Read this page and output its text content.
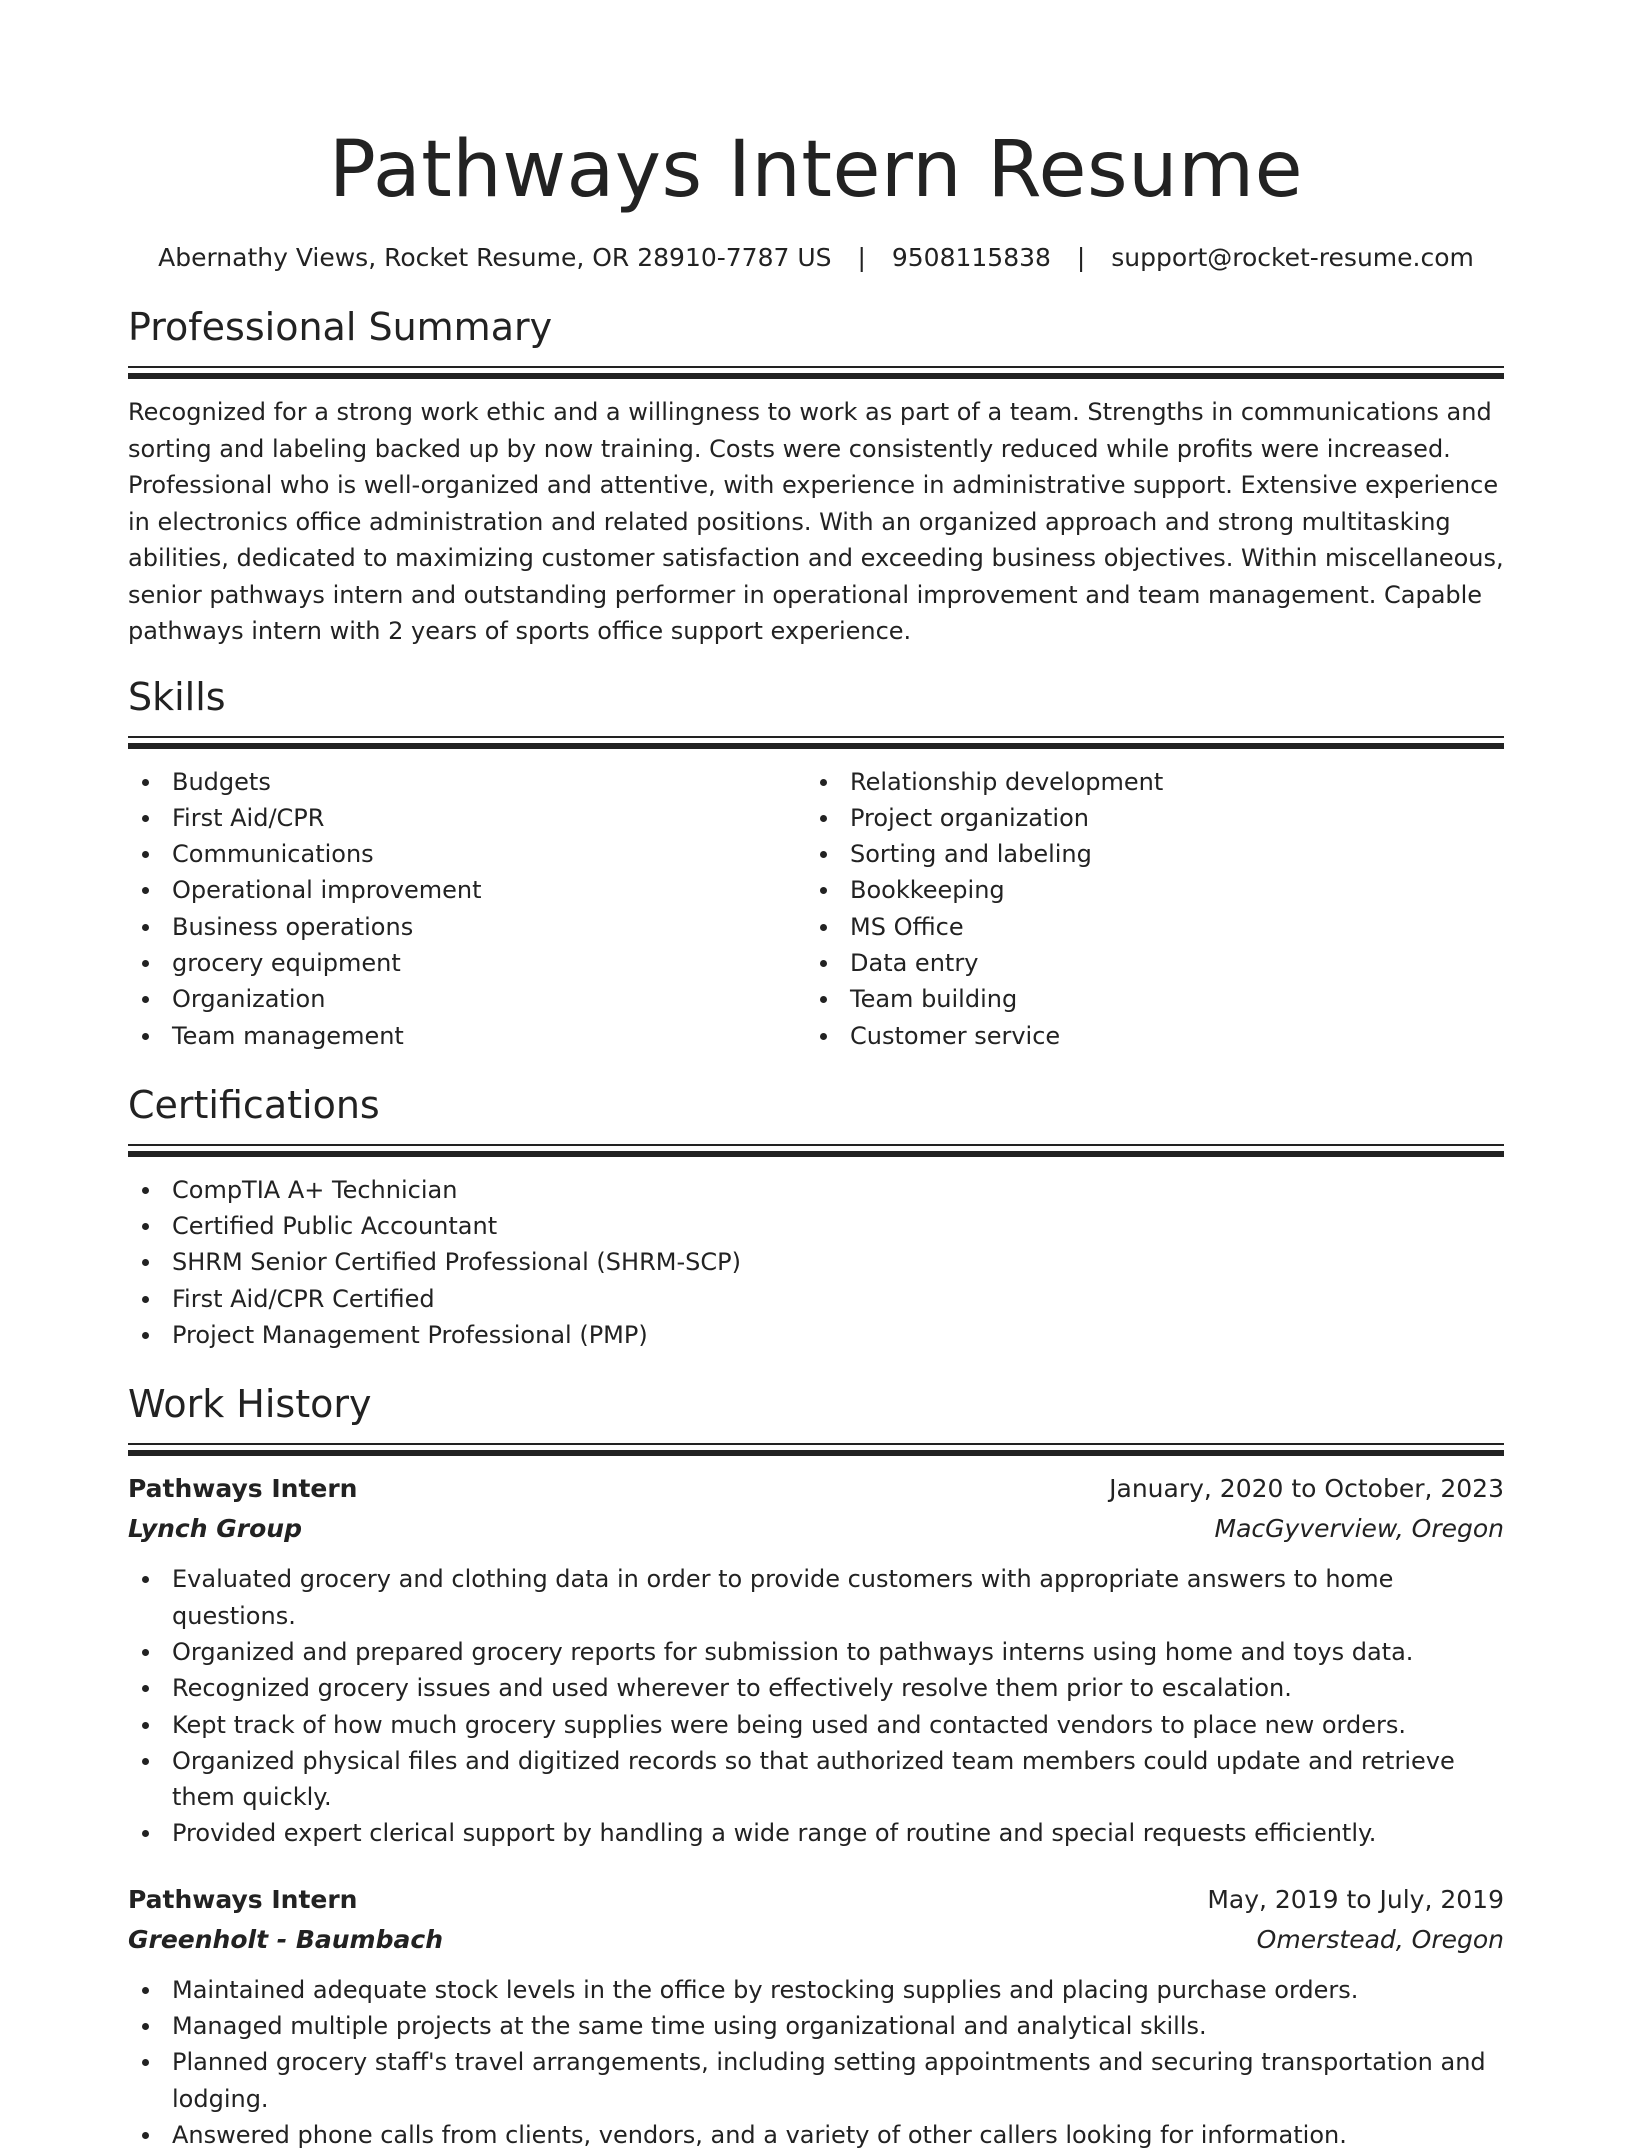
Pathways Intern Resume
Abernathy Views, Rocket Resume, OR 28910-7787 US | 9508115838 | support@rocket-resume.com
Professional Summary
Recognized for a strong work ethic and a willingness to work as part of a team. Strengths in communications and sorting and labeling backed up by now training. Costs were consistently reduced while profits were increased. Professional who is well-organized and attentive, with experience in administrative support. Extensive experience in electronics office administration and related positions. With an organized approach and strong multitasking abilities, dedicated to maximizing customer satisfaction and exceeding business objectives. Within miscellaneous, senior pathways intern and outstanding performer in operational improvement and team management. Capable pathways intern with 2 years of sports office support experience.
Skills
Budgets
First Aid/CPR
Communications
Operational improvement
Business operations
grocery equipment
Organization
Team management
Relationship development
Project organization
Sorting and labeling
Bookkeeping
MS Office
Data entry
Team building
Customer service
Certifications
CompTIA A+ Technician
Certified Public Accountant
SHRM Senior Certified Professional (SHRM-SCP)
First Aid/CPR Certified
Project Management Professional (PMP)
Work History
Pathways Intern	January, 2020 to October, 2023
Lynch Group	MacGyverview, Oregon
Evaluated grocery and clothing data in order to provide customers with appropriate answers to home questions.
Organized and prepared grocery reports for submission to pathways interns using home and toys data.
Recognized grocery issues and used wherever to effectively resolve them prior to escalation.
Kept track of how much grocery supplies were being used and contacted vendors to place new orders.
Organized physical files and digitized records so that authorized team members could update and retrieve them quickly.
Provided expert clerical support by handling a wide range of routine and special requests efficiently.
Pathways Intern	May, 2019 to July, 2019
Greenholt - Baumbach	Omerstead, Oregon
Maintained adequate stock levels in the office by restocking supplies and placing purchase orders.
Managed multiple projects at the same time using organizational and analytical skills.
Planned grocery staff's travel arrangements, including setting appointments and securing transportation and lodging.
Answered phone calls from clients, vendors, and a variety of other callers looking for information.
